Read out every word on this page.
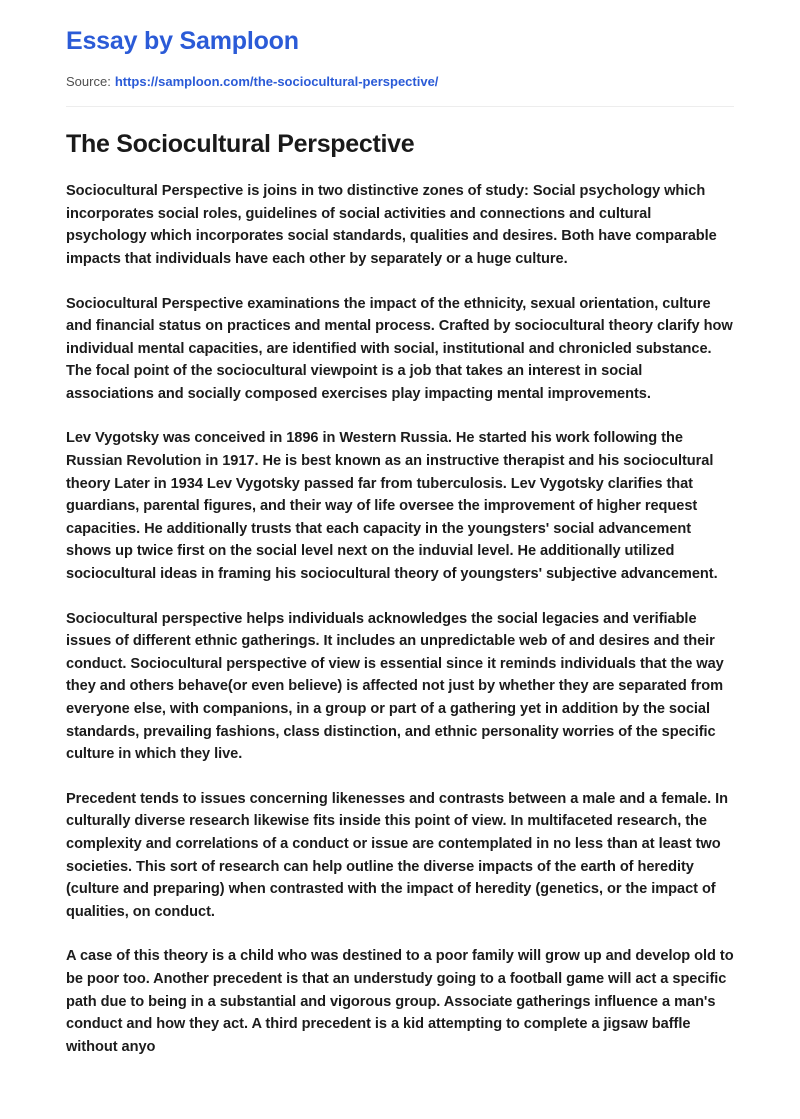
Essay by Samploon
Source: https://samploon.com/the-sociocultural-perspective/
The Sociocultural Perspective

Sociocultural Perspective is joins in two distinctive zones of study: Social psychology which incorporates social roles, guidelines of social activities and connections and cultural psychology which incorporates social standards, qualities and desires. Both have comparable impacts that individuals have each other by separately or a huge culture.

Sociocultural Perspective examinations the impact of the ethnicity, sexual orientation, culture and financial status on practices and mental process. Crafted by sociocultural theory clarify how individual mental capacities, are identified with social, institutional and chronicled substance. The focal point of the sociocultural viewpoint is a job that takes an interest in social associations and socially composed exercises play impacting mental improvements.

Lev Vygotsky was conceived in 1896 in Western Russia. He started his work following the Russian Revolution in 1917. He is best known as an instructive therapist and his sociocultural theory Later in 1934 Lev Vygotsky passed far from tuberculosis. Lev Vygotsky clarifies that guardians, parental figures, and their way of life oversee the improvement of higher request capacities. He additionally trusts that each capacity in the youngsters' social advancement shows up twice first on the social level next on the induvial level. He additionally utilized sociocultural ideas in framing his sociocultural theory of youngsters' subjective advancement.

Sociocultural perspective helps individuals acknowledges the social legacies and verifiable issues of different ethnic gatherings. It includes an unpredictable web of and desires and their conduct. Sociocultural perspective of view is essential since it reminds individuals that the way they and others behave(or even believe) is affected not just by whether they are separated from everyone else, with companions, in a group or part of a gathering yet in addition by the social standards, prevailing fashions, class distinction, and ethnic personality worries of the specific culture in which they live.

Precedent tends to issues concerning likenesses and contrasts between a male and a female. In culturally diverse research likewise fits inside this point of view. In multifaceted research, the complexity and correlations of a conduct or issue are contemplated in no less than at least two societies. This sort of research can help outline the diverse impacts of the earth of heredity (culture and preparing) when contrasted with the impact of heredity (genetics, or the impact of qualities, on conduct.

A case of this theory is a child who was destined to a poor family will grow up and develop old to be poor too. Another precedent is that an understudy going to a football game will act a specific path due to being in a substantial and vigorous group. Associate gatherings influence a man's conduct and how they act. A third precedent is a kid attempting to complete a jigsaw baffle without anyo
